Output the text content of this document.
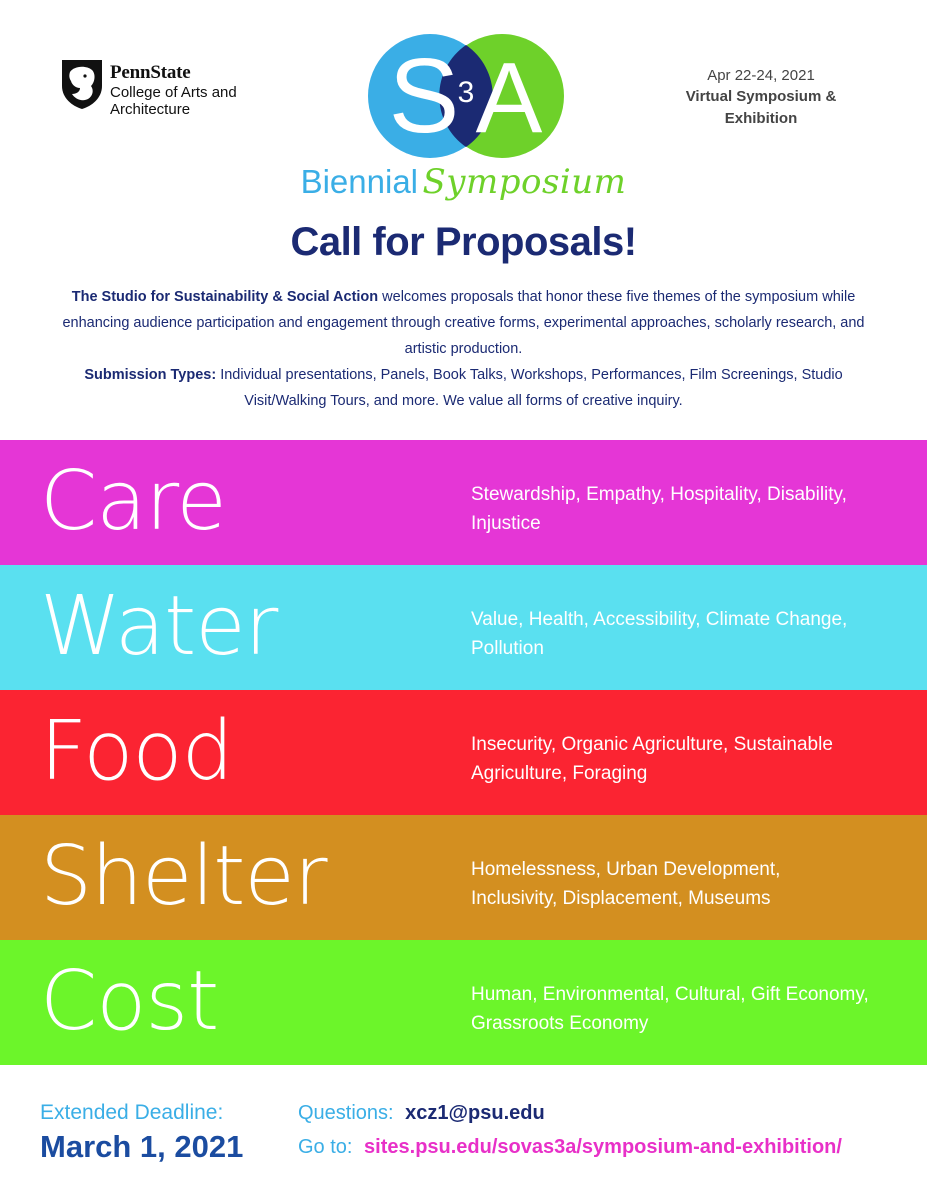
PennState
College of Arts and Architecture	S
3 A	Apr 22-24, 2021
Virtual Symposium & Exhibition
Biennial Symposium
Call for Proposals!
The Studio for Sustainability & Social Action welcomes proposals that honor these five themes of the symposium while enhancing audience participation and engagement through creative forms, experimental approaches, scholarly research, and artistic production.
Submission Types: Individual presentations, Panels, Book Talks, Workshops, Performances, Film Screenings, Studio Visit/Walking Tours, and more. We value all forms of creative inquiry.
Care	Stewardship, Empathy, Hospitality, Disability, Injustice
Water	Value, Health, Accessibility, Climate Change, Pollution
Food	Insecurity, Organic Agriculture, Sustainable Agriculture, Foraging
Shelter	Homelessness, Urban Development, Inclusivity, Displacement, Museums
Cost	Human, Environmental, Cultural, Gift Economy, Grassroots Economy
Extended Deadline:
March 1, 2021
Questions: xcz1@psu.edu
Go to: sites.psu.edu/sovas3a/symposium-and-exhibition/
